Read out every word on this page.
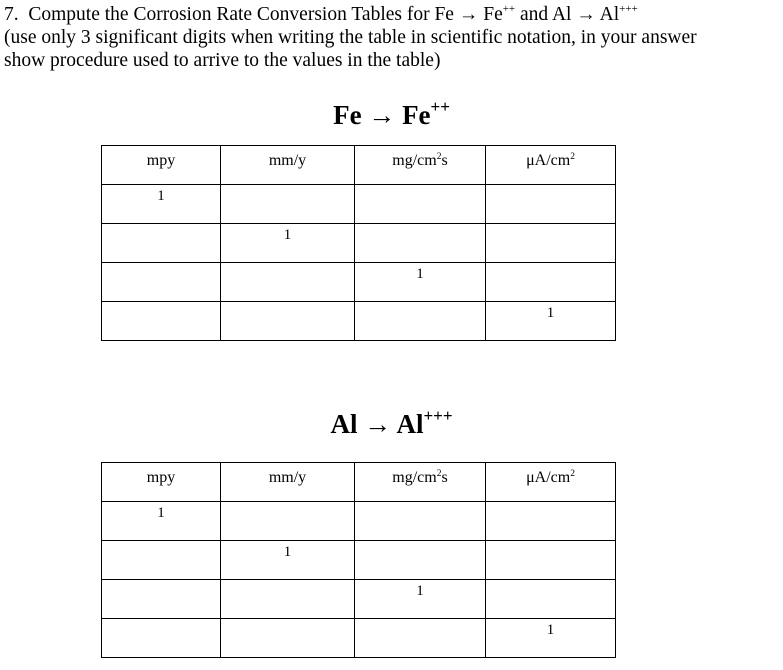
7. Compute the Corrosion Rate Conversion Tables for Fe → Fe++ and Al → Al+++
(use only 3 significant digits when writing the table in scientific notation, in your answer
show procedure used to arrive to the values in the table)
Fe → Fe++
mpy	mm/y	$mg/cm^2s$	$\mu A/cm^2$
1			
	1		
		1	
			1
Al → Al+++
mpy	mm/y	$mg/cm^2s$	$\mu A/cm^2$
1			
	1		
		1	
			1
